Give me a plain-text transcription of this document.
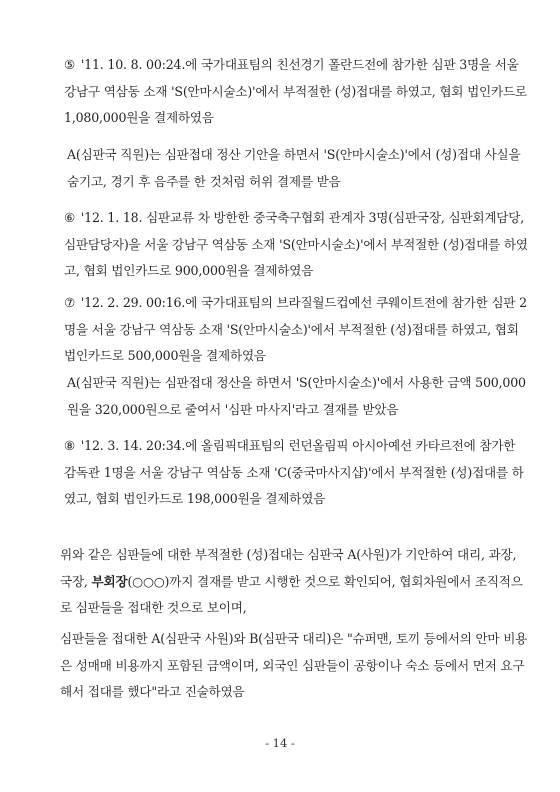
⑤ '11. 10. 8. 00:24.에 국가대표팀의 친선경기 폴란드전에 참가한 심판 3명을 서울 강남구 역삼동 소재 'S(안마시술소)'에서 부적절한 (성)접대를 하였고, 협회 법인카드로 1,080,000원을 결제하였음

A(심판국 직원)는 심판접대 정산 기안을 하면서 'S(안마시술소)'에서 (성)접대 사실을 숨기고, 경기 후 음주를 한 것처럼 허위 결제를 받음

⑥ '12. 1. 18. 심판교류 차 방한한 중국축구협회 관계자 3명(심판국장, 심판회계담당, 심판담당자)을 서울 강남구 역삼동 소재 'S(안마시술소)'에서 부적절한 (성)접대를 하였고, 협회 법인카드로 900,000원을 결제하였음

⑦ '12. 2. 29. 00:16.에 국가대표팀의 브라질월드컵예선 쿠웨이트전에 참가한 심판 2명을 서울 강남구 역삼동 소재 'S(안마시술소)'에서 부적절한 (성)접대를 하였고, 협회 법인카드로 500,000원을 결제하였음

A(심판국 직원)는 심판접대 정산을 하면서 'S(안마시술소)'에서 사용한 금액 500,000원을 320,000원으로 줄여서 '심판 마사지'라고 결재를 받았음

⑧ '12. 3. 14. 20:34.에 올림픽대표팀의 런던올림픽 아시아예선 카타르전에 참가한 감독관 1명을 서울 강남구 역삼동 소재 'C(중국마사지샵)'에서 부적절한 (성)접대를 하였고, 협회 법인카드로 198,000원을 결제하였음

위와 같은 심판들에 대한 부적절한 (성)접대는 심판국 A(사원)가 기안하여 대리, 과장, 국장, 부회장(○○○)까지 결재를 받고 시행한 것으로 확인되어, 협회차원에서 조직적으로 심판들을 접대한 것으로 보이며,

심판들을 접대한 A(심판국 사원)와 B(심판국 대리)은 "슈퍼맨, 토끼 등에서의 안마 비용은 성매매 비용까지 포함된 금액이며, 외국인 심판들이 공항이나 숙소 등에서 먼저 요구해서 접대를 했다"라고 진술하였음

- 14 -
